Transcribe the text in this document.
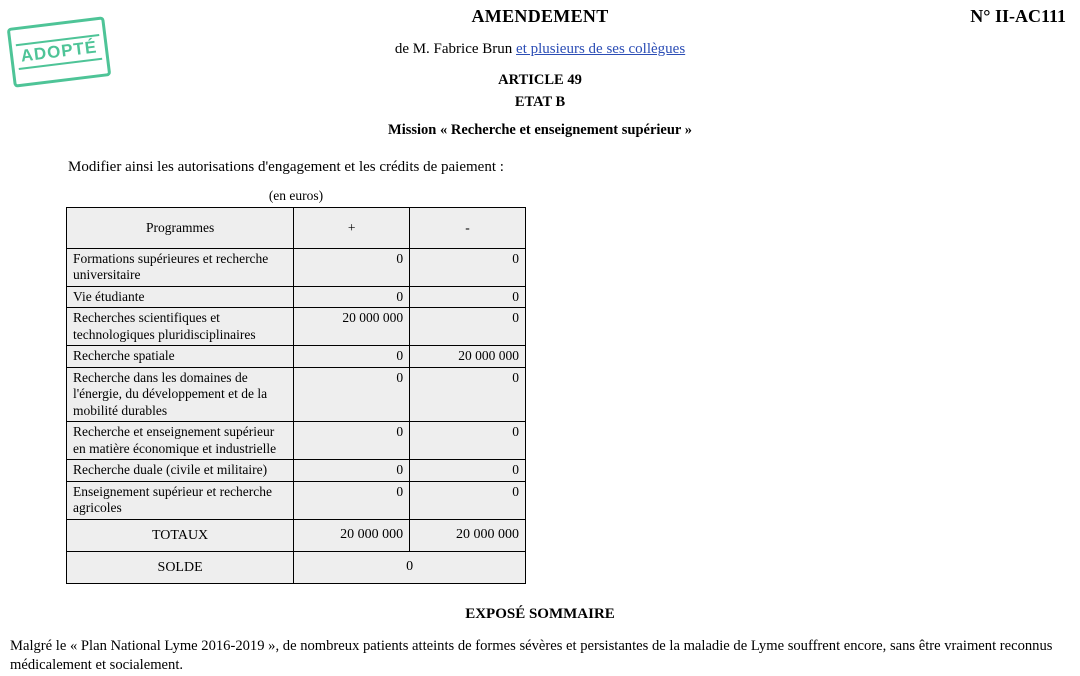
ADOPTÉ
N° II-AC111
AMENDEMENT
de M. Fabrice Brun et plusieurs de ses collègues
ARTICLE 49
ETAT B
Mission « Recherche et enseignement supérieur »
Modifier ainsi les autorisations d'engagement et les crédits de paiement :
(en euros)
Programmes	+	-
Formations supérieures et recherche universitaire	0	0
Vie étudiante	0	0
Recherches scientifiques et technologiques pluridisciplinaires	20 000 000	0
Recherche spatiale	0	20 000 000
Recherche dans les domaines de l'énergie, du développement et de la mobilité durables	0	0
Recherche et enseignement supérieur en matière économique et industrielle	0	0
Recherche duale (civile et militaire)	0	0
Enseignement supérieur et recherche agricoles	0	0
TOTAUX	20 000 000	20 000 000
SOLDE	0	
EXPOSÉ SOMMAIRE
Malgré le « Plan National Lyme 2016-2019 », de nombreux patients atteints de formes sévères et persistantes de la maladie de Lyme souffrent encore, sans être vraiment reconnus médicalement et socialement.
